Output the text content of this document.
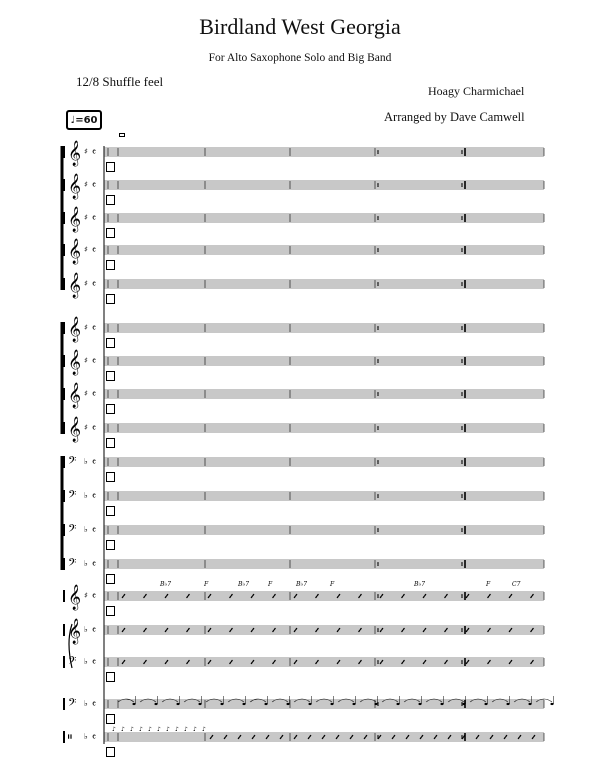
Birdland West Georgia
For Alto Saxophone Solo and Big Band
12/8 Shuffle feel
Hoagy Charmichael
Arranged by Dave Camwell
♩=60
𝄞 ♯ 𝄴
𝄞 ♯ 𝄴
𝄞 ♯ 𝄴
𝄞 ♯ 𝄴
𝄞 ♯ 𝄴
𝄞 ♯ 𝄴
𝄞 ♯ 𝄴
𝄞 ♯ 𝄴
𝄞 ♯ 𝄴
𝄢 ♭ 𝄴
𝄢 ♭ 𝄴
𝄢 ♭ 𝄴
𝄢 ♭ 𝄴
𝄞 ♯ 𝄴
𝄞 ♭ 𝄴
𝄢 ♭ 𝄴
𝄢 ♭ 𝄴
𝄥 ♭ 𝄴
B♭7	F	B♭7	F	B♭7	F	B♭7	F	C7
♪ ♪ ♪ ♪ ♪ ♪ ♪ ♪ ♪ ♪ ♪
